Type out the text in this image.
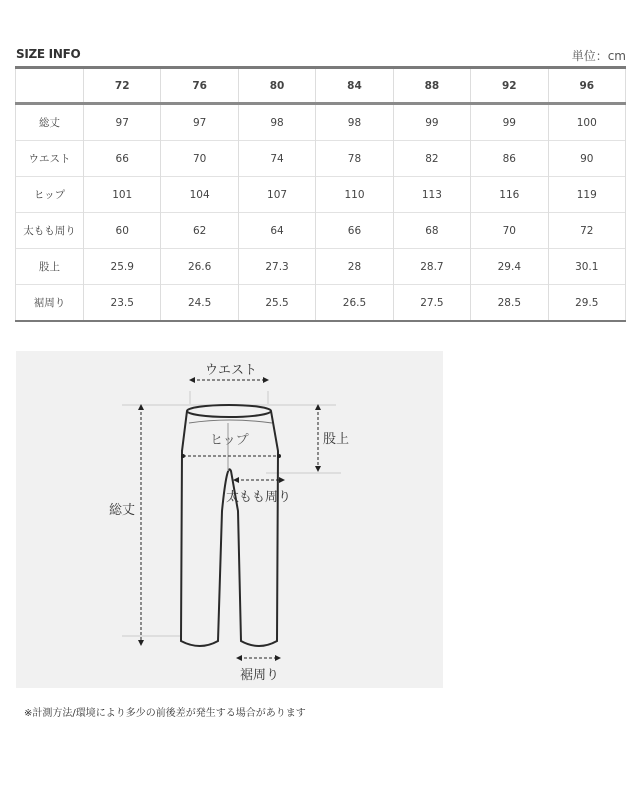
SIZE INFO	単位：cm
	72	76	80	84	88	92	96
総丈	97	97	98	98	99	99	100
ウエスト	66	70	74	78	82	86	90
ヒップ	101	104	107	110	113	116	119
太もも周り	60	62	64	66	68	70	72
股上	25.9	26.6	27.3	28	28.7	29.4	30.1
裾周り	23.5	24.5	25.5	26.5	27.5	28.5	29.5
ウエスト
ヒップ	股上
太もも周り
総丈
裾周り
※計測方法/環境により多少の前後差が発生する場合があります
